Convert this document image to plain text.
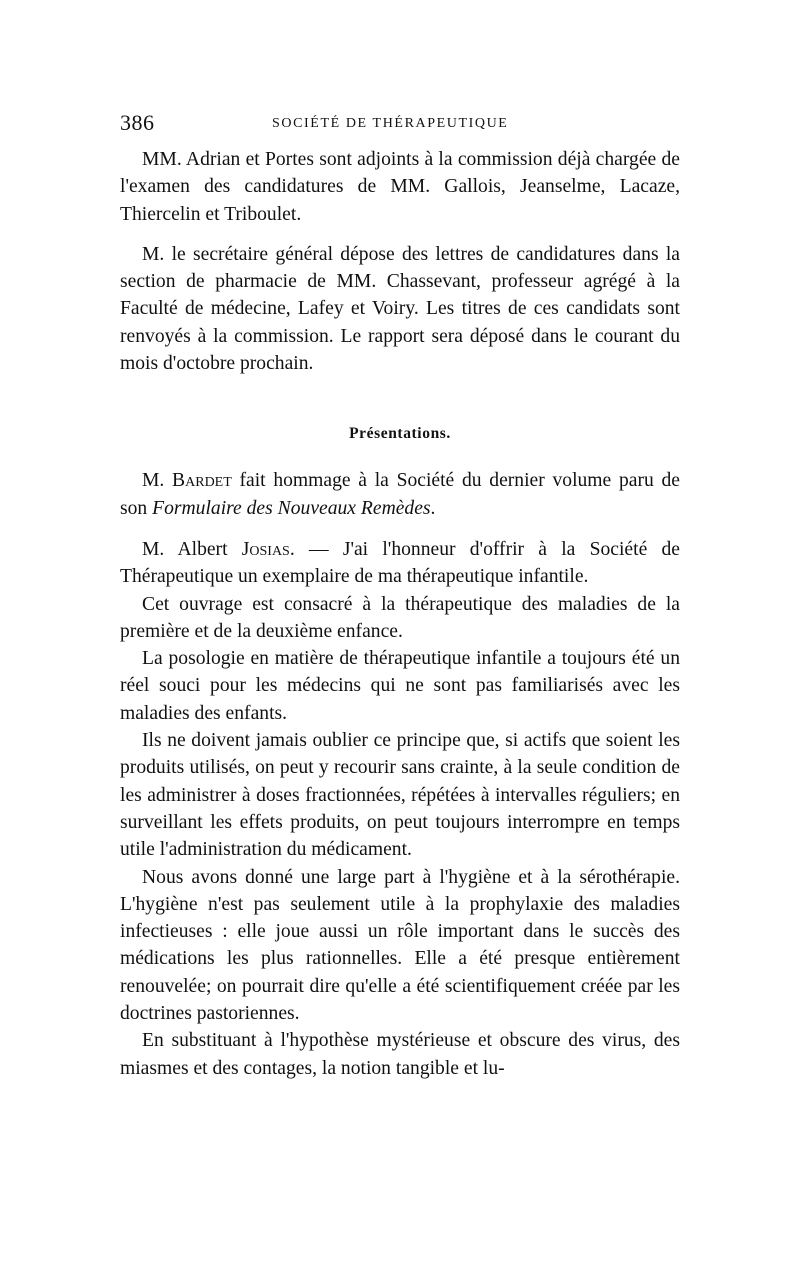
386	SOCIÉTÉ DE THÉRAPEUTIQUE

MM. Adrian et Portes sont adjoints à la commission déjà chargée de l'examen des candidatures de MM. Gallois, Jeanselme, Lacaze, Thiercelin et Triboulet.

M. le secrétaire général dépose des lettres de candidatures dans la section de pharmacie de MM. Chassevant, professeur agrégé à la Faculté de médecine, Lafey et Voiry. Les titres de ces candidats sont renvoyés à la commission. Le rapport sera déposé dans le courant du mois d'octobre prochain.

Présentations.

M. Bardet fait hommage à la Société du dernier volume paru de son Formulaire des Nouveaux Remèdes.

M. Albert Josias. — J'ai l'honneur d'offrir à la Société de Thérapeutique un exemplaire de ma thérapeutique infantile.

Cet ouvrage est consacré à la thérapeutique des maladies de la première et de la deuxième enfance.

La posologie en matière de thérapeutique infantile a toujours été un réel souci pour les médecins qui ne sont pas familiarisés avec les maladies des enfants.

Ils ne doivent jamais oublier ce principe que, si actifs que soient les produits utilisés, on peut y recourir sans crainte, à la seule condition de les administrer à doses fractionnées, répétées à intervalles réguliers; en surveillant les effets produits, on peut toujours interrompre en temps utile l'administration du médicament.

Nous avons donné une large part à l'hygiène et à la sérothérapie. L'hygiène n'est pas seulement utile à la prophylaxie des maladies infectieuses : elle joue aussi un rôle important dans le succès des médications les plus rationnelles. Elle a été presque entièrement renouvelée; on pourrait dire qu'elle a été scientifiquement créée par les doctrines pastoriennes.

En substituant à l'hypothèse mystérieuse et obscure des virus, des miasmes et des contages, la notion tangible et lu-
